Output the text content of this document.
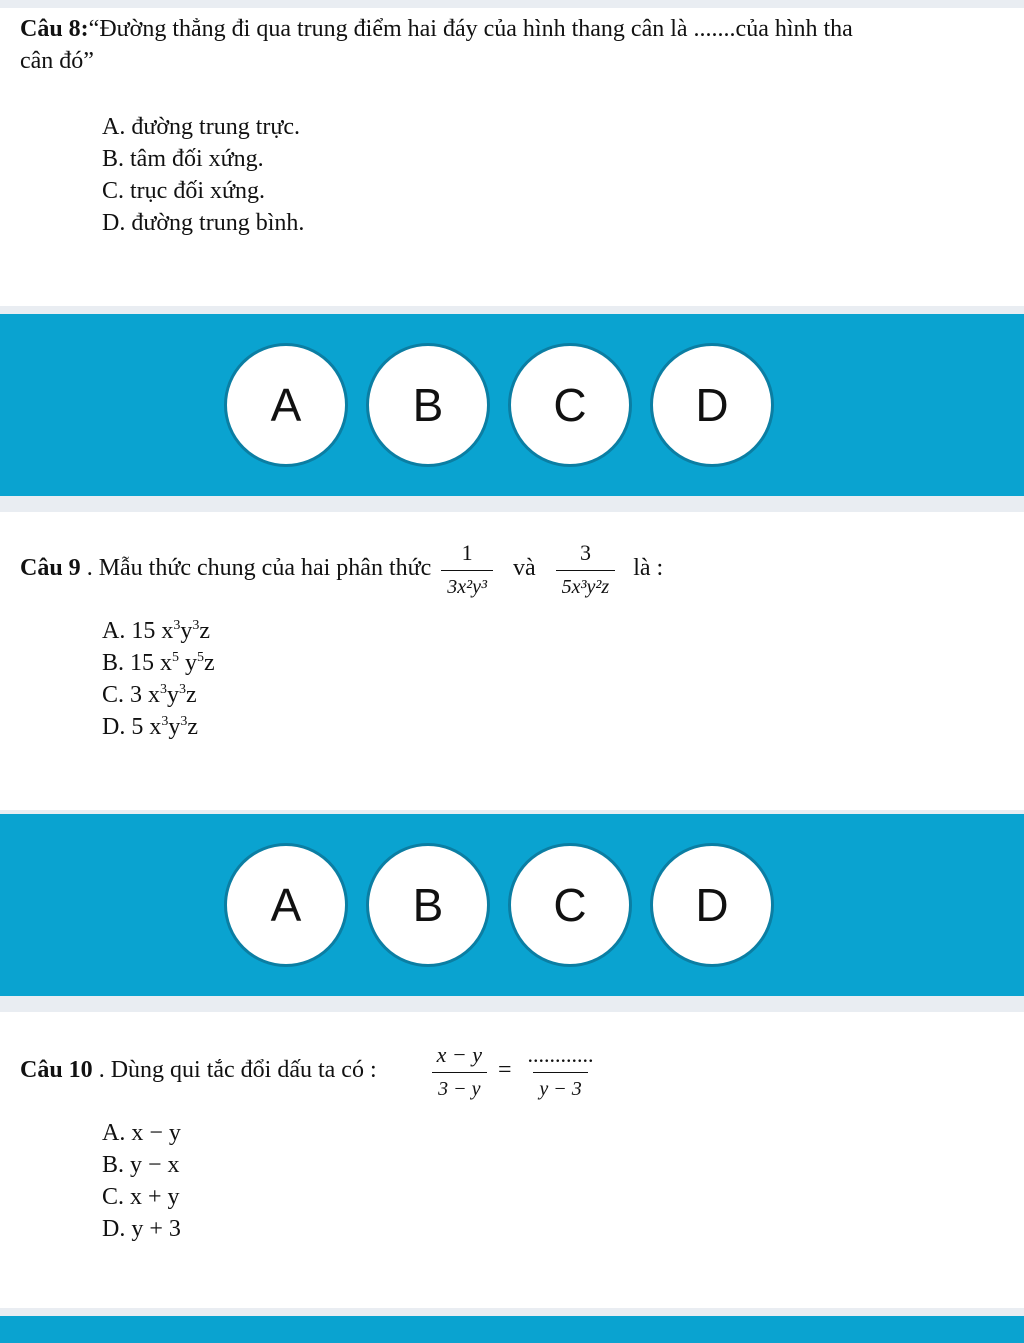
Câu 8:“Đường thẳng đi qua trung điểm hai đáy của hình thang cân là .......của hình tha
cân đó”
A. đường trung trực.
B. tâm đối xứng.
C. trục đối xứng.
D. đường trung bình.
A	B	C	D
Câu 9 . Mẫu thức chung của hai phân thức $\frac{1}{\text{3x²y³}}$ và $\frac{3}{\text{5x³y²z}}$ là :
A. 15 $x^3y^3z$
B. 15 $x^5$ $y^5z$
C. 3 $x^3y^3z$
D. 5 $x^3y^3z$
A	B	C	D
Câu 10 . Dùng qui tắc đổi dấu ta có : $\frac{x - y}{3 - y} = \frac{............}{y - 3}$
A. x − y
B. y − x
C. x + y
D. y + 3
